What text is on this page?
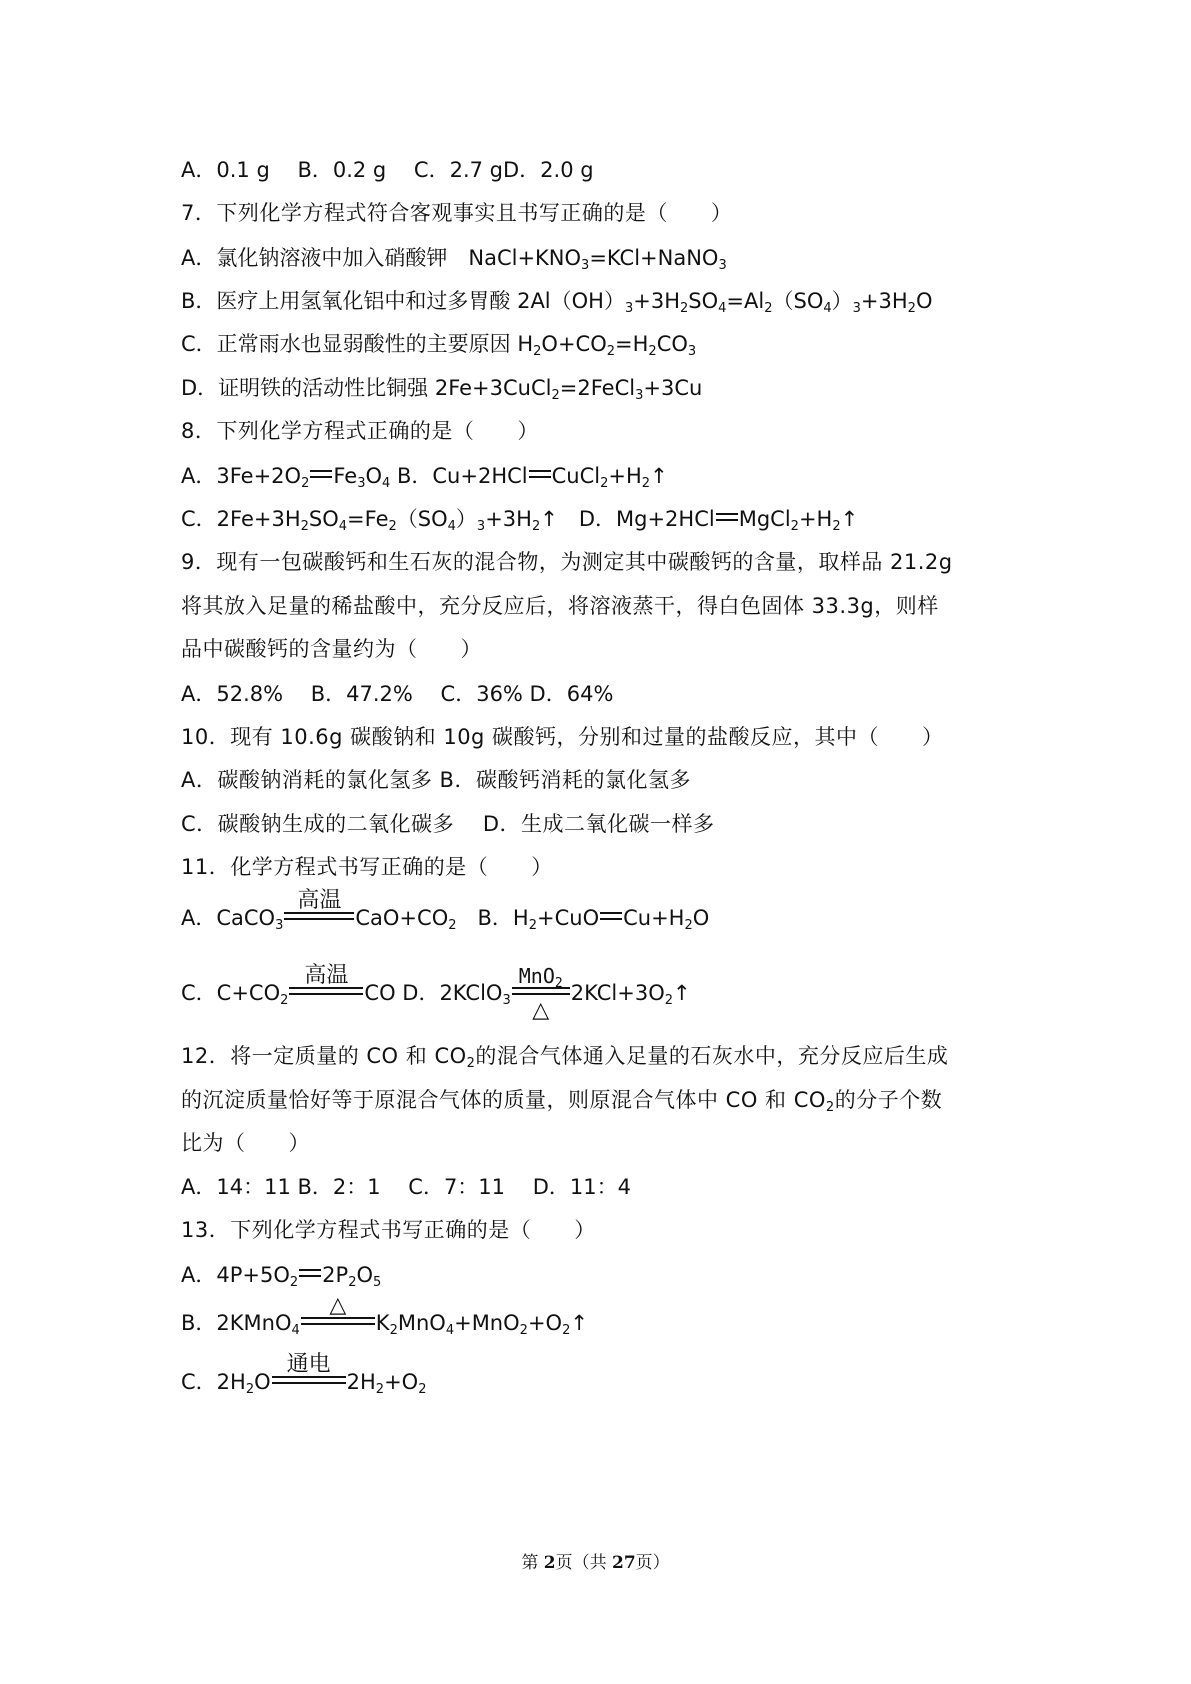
A．0.1 g　 B．0.2 g　 C．2.7 gD．2.0 g
7．下列化学方程式符合客观事实且书写正确的是（　　）
A．氯化钠溶液中加入硝酸钾　$NaCl+KNO_3=KCl+NaNO_3$
B．医疗上用氢氧化铝中和过多胃酸 $2Al(OH)_3+3H_2SO_4=Al_2(SO_4)_3+3H_2O$
C．正常雨水也显弱酸性的主要原因 $H_2O+CO_2=H_2CO_3$
D．证明铁的活动性比铜强 2Fe+3CuCl$_2$=2FeCl$_3$+3Cu
8．下列化学方程式正确的是（　　）
A．$3Fe+2O_2$ $Fe_3O_4$ B．Cu+2HCl $CuCl_2+H_2↑$
C．$2Fe+3H_2SO_4=Fe_2(SO_4)_3+3H_2↑$　D．Mg+2HCl $MgCl_2+H_2↑$
9．现有一包碳酸钙和生石灰的混合物，为测定其中碳酸钙的含量，取样品 21.2g
将其放入足量的稀盐酸中，充分反应后，将溶液蒸干，得白色固体 33.3g，则样
品中碳酸钙的含量约为（　　）
A．52.8%　 B．47.2%　 C．36% D．64%
10．现有 10.6g 碳酸钠和 10g 碳酸钙，分别和过量的盐酸反应，其中（　　）
A．碳酸钠消耗的氯化氢多 B．碳酸钙消耗的氯化氢多
C．碳酸钠生成的二氧化碳多　 D．生成二氧化碳一样多
11．化学方程式书写正确的是（　　）
A．CaCO$_3$
高温
$CaO+CO_2$　B．$H_2+CuO$ $Cu+H_2O$
C．$C+CO_2$
高温
CO D．2KClO$_3$
MnO$_2$
△
$2KCl+3O_2↑$
12．将一定质量的 CO 和 $CO_2$的混合气体通入足量的石灰水中，充分反应后生成
的沉淀质量恰好等于原混合气体的质量，则原混合气体中 CO 和 $CO_2$的分子个数
比为（　　）
A．14：11 B．2：1　 C．7：11　 D．11：4
13．下列化学方程式书写正确的是（　　）
A．$4P+5O_2$ $2P_2O_5$
B．2KMnO$_4$
△
$K_2MnO_4+MnO_2+O_2↑$
C．$2H_2O$
通电
$2H_2+O_2$
第 2页（共 27页）
